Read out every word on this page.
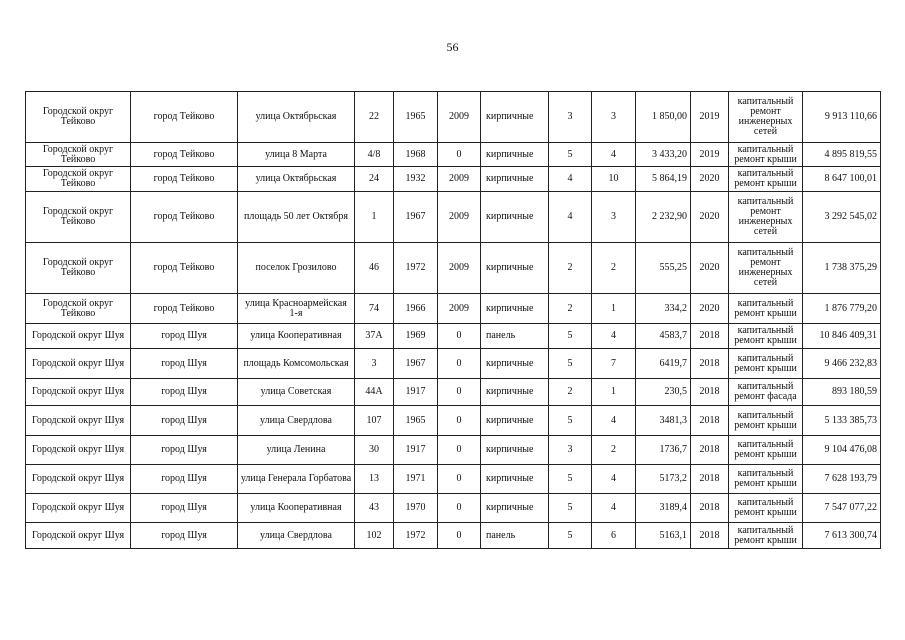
56
Городской округ Тейково	город Тейково	улица Октябрьская	22	1965	2009	кирпичные	3	3	1 850,00	2019	капитальный ремонт инженерных сетей	9 913 110,66
Городской округ Тейково	город Тейково	улица 8 Марта	4/8	1968	0	кирпичные	5	4	3 433,20	2019	капитальный ремонт крыши	4 895 819,55
Городской округ Тейково	город Тейково	улица Октябрьская	24	1932	2009	кирпичные	4	10	5 864,19	2020	капитальный ремонт крыши	8 647 100,01
Городской округ Тейково	город Тейково	площадь 50 лет Октября	1	1967	2009	кирпичные	4	3	2 232,90	2020	капитальный ремонт инженерных сетей	3 292 545,02
Городской округ Тейково	город Тейково	поселок Грозилово	46	1972	2009	кирпичные	2	2	555,25	2020	капитальный ремонт инженерных сетей	1 738 375,29
Городской округ Тейково	город Тейково	улица Красноармейская 1-я	74	1966	2009	кирпичные	2	1	334,2	2020	капитальный ремонт крыши	1 876 779,20
Городской округ Шуя	город Шуя	улица Кооперативная	37А	1969	0	панель	5	4	4583,7	2018	капитальный ремонт крыши	10 846 409,31
Городской округ Шуя	город Шуя	площадь Комсомольская	3	1967	0	кирпичные	5	7	6419,7	2018	капитальный ремонт крыши	9 466 232,83
Городской округ Шуя	город Шуя	улица Советская	44А	1917	0	кирпичные	2	1	230,5	2018	капитальный ремонт фасада	893 180,59
Городской округ Шуя	город Шуя	улица Свердлова	107	1965	0	кирпичные	5	4	3481,3	2018	капитальный ремонт крыши	5 133 385,73
Городской округ Шуя	город Шуя	улица Ленина	30	1917	0	кирпичные	3	2	1736,7	2018	капитальный ремонт крыши	9 104 476,08
Городской округ Шуя	город Шуя	улица Генерала Горбатова	13	1971	0	кирпичные	5	4	5173,2	2018	капитальный ремонт крыши	7 628 193,79
Городской округ Шуя	город Шуя	улица Кооперативная	43	1970	0	кирпичные	5	4	3189,4	2018	капитальный ремонт крыши	7 547 077,22
Городской округ Шуя	город Шуя	улица Свердлова	102	1972	0	панель	5	6	5163,1	2018	капитальный ремонт крыши	7 613 300,74
